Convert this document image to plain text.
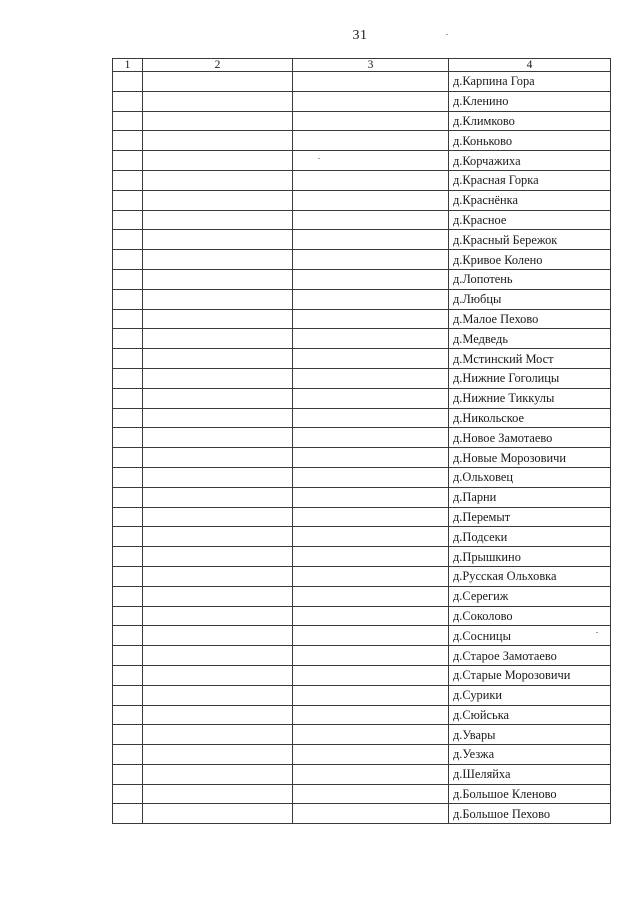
31
1	2	3	4
			д.Карпина Гора
			д.Кленино
			д.Климково
			д.Коньково
			д.Корчажиха
			д.Красная Горка
			д.Краснёнка
			д.Красное
			д.Красный Бережок
			д.Кривое Колено
			д.Лопотень
			д.Любцы
			д.Малое Пехово
			д.Медведь
			д.Мстинский Мост
			д.Нижние Гоголицы
			д.Нижние Тиккулы
			д.Никольское
			д.Новое Замотаево
			д.Новые Морозовичи
			д.Ольховец
			д.Парни
			д.Перемыт
			д.Подсеки
			д.Прышкино
			д.Русская Ольховка
			д.Серегиж
			д.Соколово
			д.Сосницы
			д.Старое Замотаево
			д.Старые Морозовичи
			д.Сурики
			д.Сюйська
			д.Увары
			д.Уезжа
			д.Шеляйха
			д.Большое Кленово
			д.Большое Пехово
